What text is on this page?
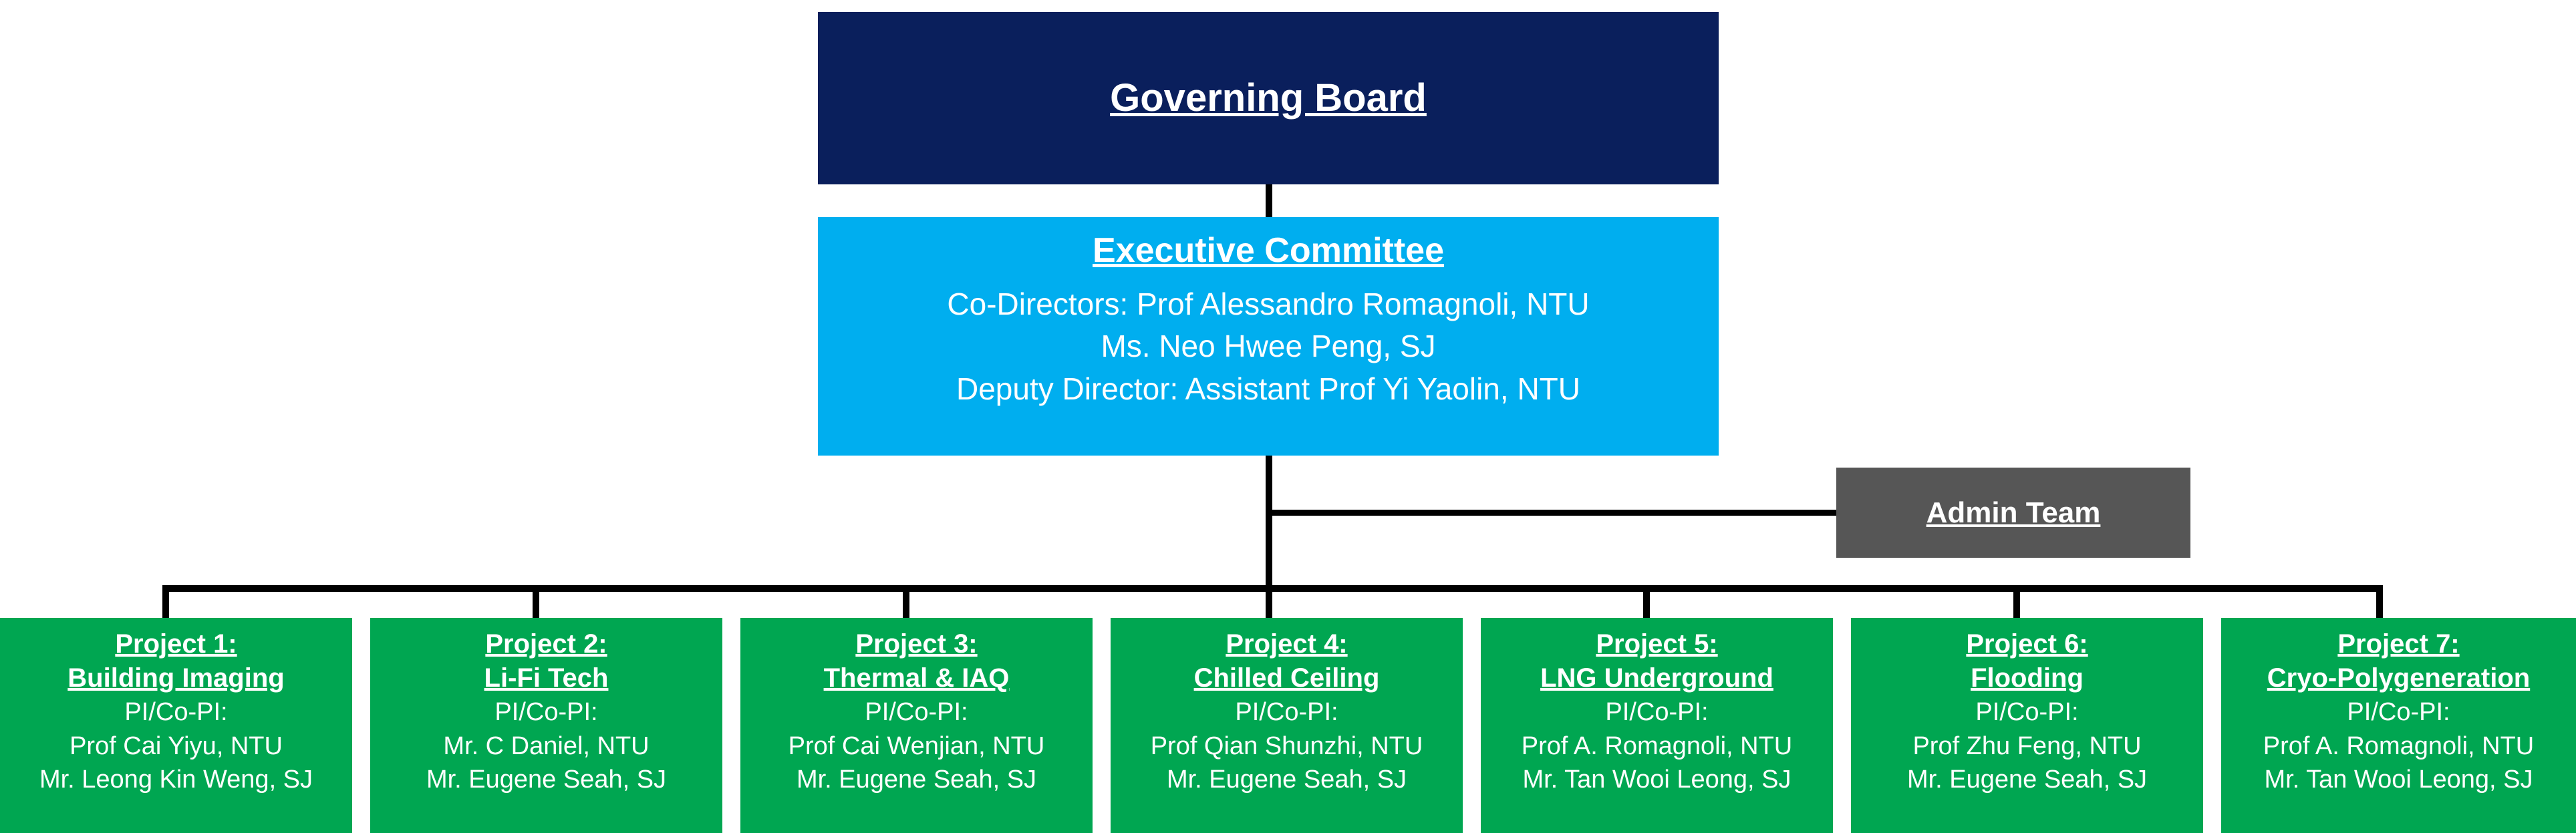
Governing Board
Executive Committee
Co-Directors: Prof Alessandro Romagnoli, NTU
Ms. Neo Hwee Peng, SJ
Deputy Director: Assistant Prof Yi Yaolin, NTU
Admin Team
Project 1:
Building Imaging
PI/Co-PI:
Prof Cai Yiyu, NTU
Mr. Leong Kin Weng, SJ
Project 2:
Li-Fi Tech
PI/Co-PI:
Mr. C Daniel, NTU
Mr. Eugene Seah, SJ
Project 3:
Thermal & IAQ
PI/Co-PI:
Prof Cai Wenjian, NTU
Mr. Eugene Seah, SJ
Project 4:
Chilled Ceiling
PI/Co-PI:
Prof Qian Shunzhi, NTU
Mr. Eugene Seah, SJ
Project 5:
LNG Underground
PI/Co-PI:
Prof A. Romagnoli, NTU
Mr. Tan Wooi Leong, SJ
Project 6:
Flooding
PI/Co-PI:
Prof Zhu Feng, NTU
Mr. Eugene Seah, SJ
Project 7:
Cryo-Polygeneration
PI/Co-PI:
Prof A. Romagnoli, NTU
Mr. Tan Wooi Leong, SJ
